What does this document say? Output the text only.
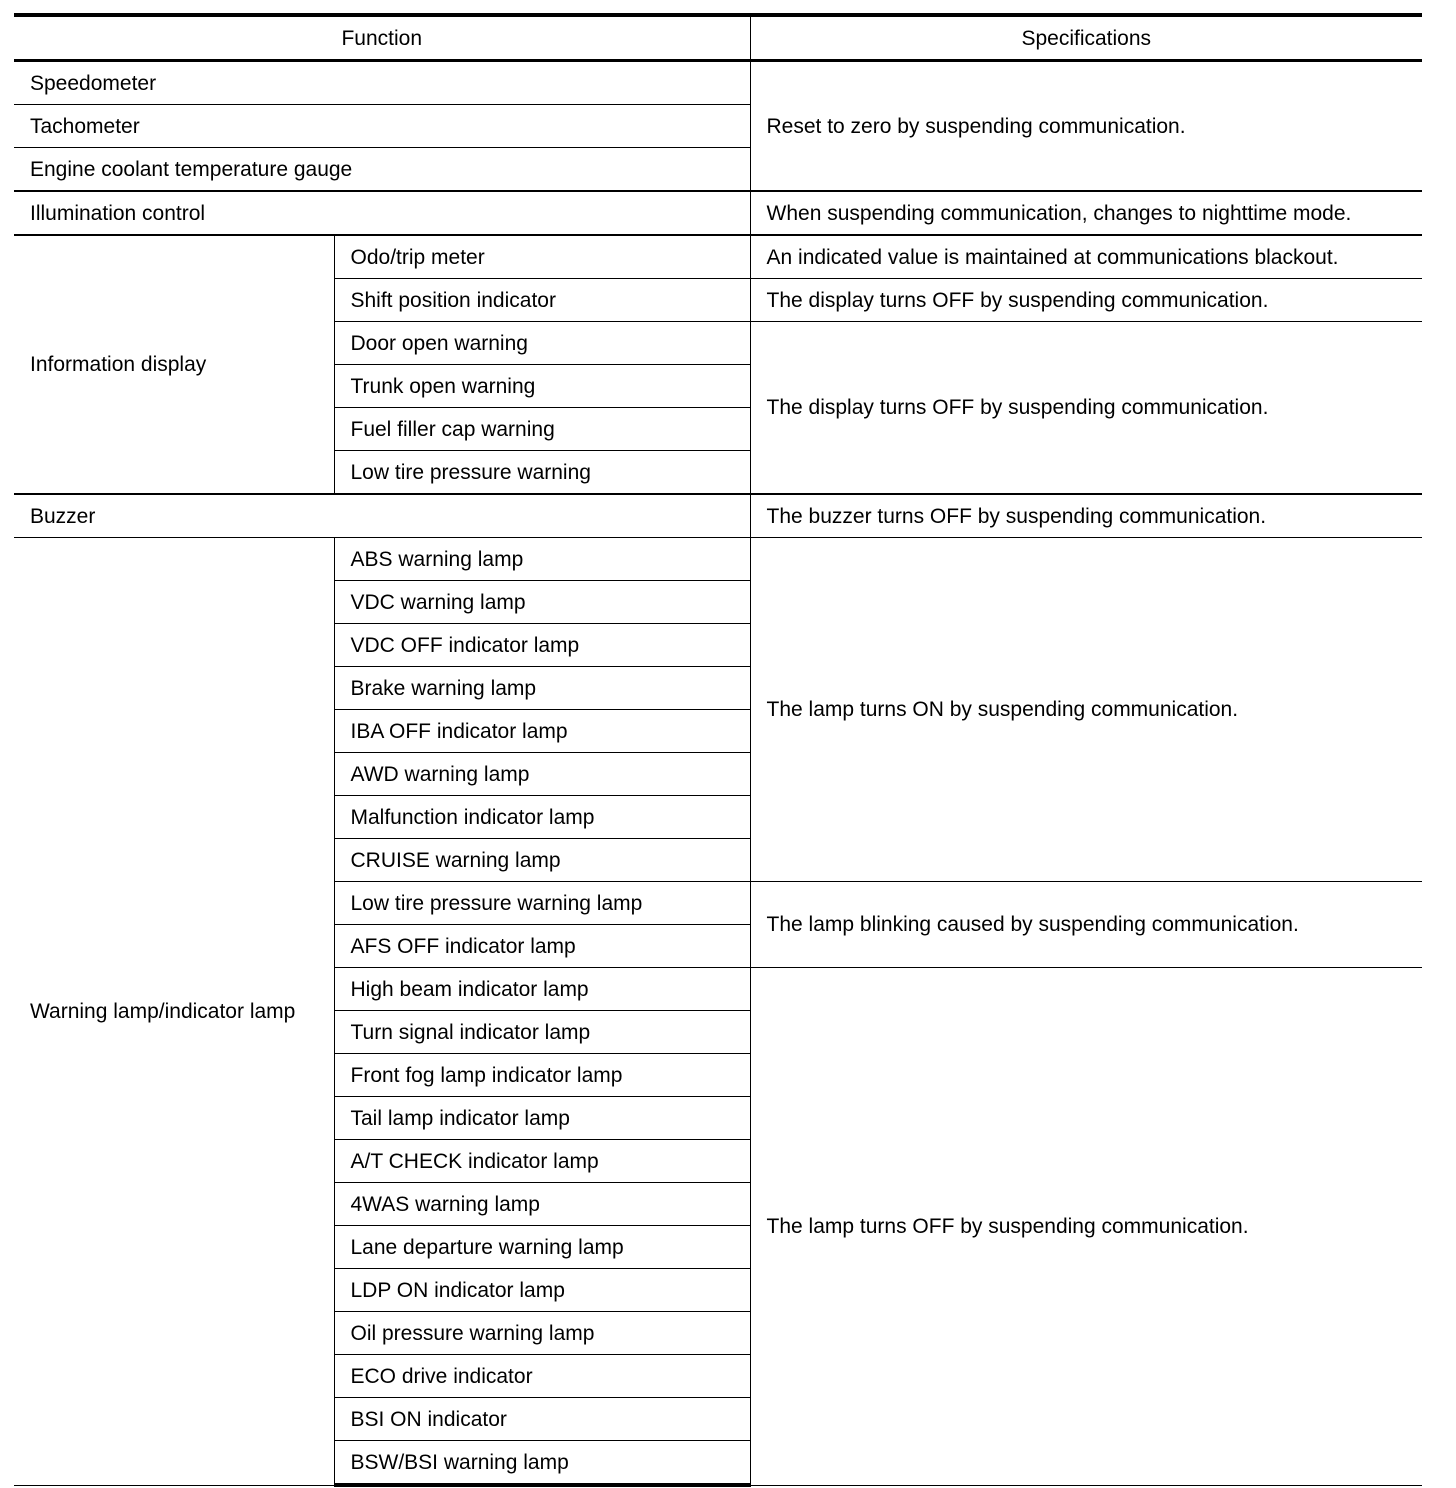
Function		Specifications
Speedometer		Reset to zero by suspending communication.
Tachometer		
Engine coolant temperature gauge		
Illumination control		When suspending communication, changes to nighttime mode.
Information display	Odo/trip meter	An indicated value is maintained at communications blackout.
	Shift position indicator	The display turns OFF by suspending communication.
	Door open warning	The display turns OFF by suspending communication.
	Trunk open warning	
	Fuel filler cap warning	
	Low tire pressure warning	
Buzzer		The buzzer turns OFF by suspending communication.
Warning lamp/indicator lamp	ABS warning lamp	The lamp turns ON by suspending communication.
	VDC warning lamp	
	VDC OFF indicator lamp	
	Brake warning lamp	
	IBA OFF indicator lamp	
	AWD warning lamp	
	Malfunction indicator lamp	
	CRUISE warning lamp	
	Low tire pressure warning lamp	The lamp blinking caused by suspending communication.
	AFS OFF indicator lamp	
	High beam indicator lamp	The lamp turns OFF by suspending communication.
	Turn signal indicator lamp	
	Front fog lamp indicator lamp	
	Tail lamp indicator lamp	
	A/T CHECK indicator lamp	
	4WAS warning lamp	
	Lane departure warning lamp	
	LDP ON indicator lamp	
	Oil pressure warning lamp	
	ECO drive indicator	
	BSI ON indicator	
	BSW/BSI warning lamp	
